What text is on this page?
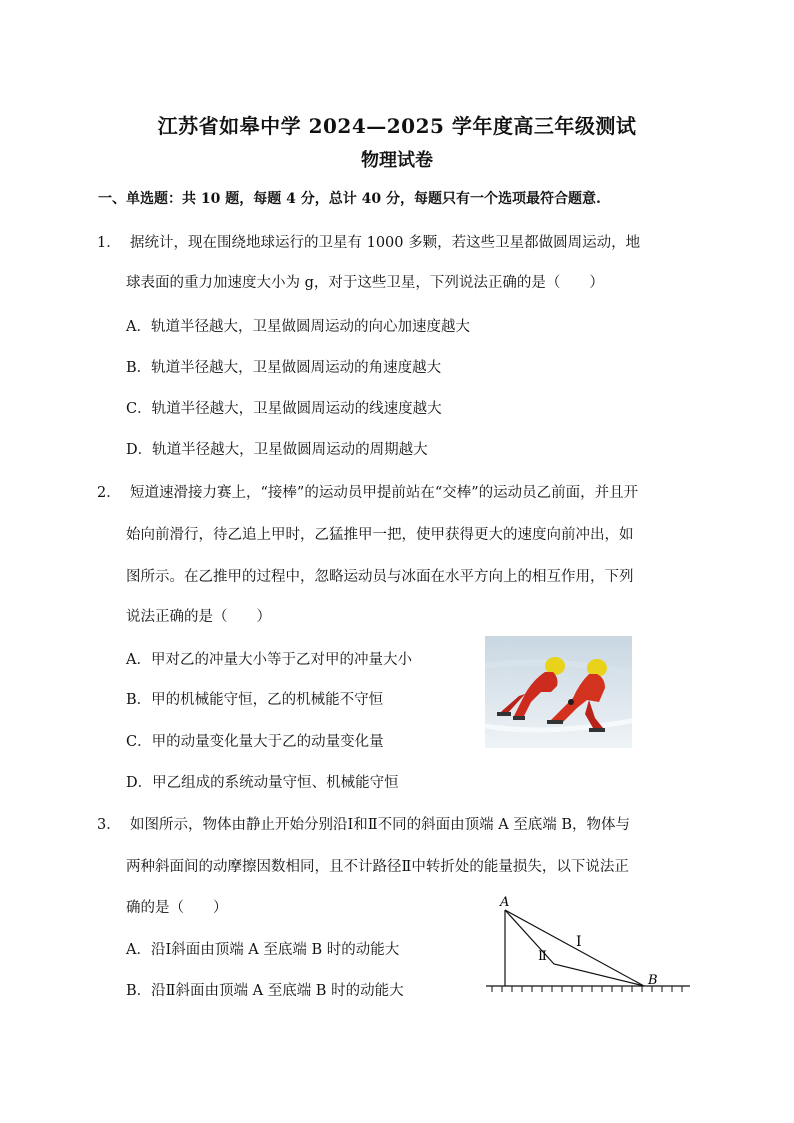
江苏省如皋中学 2024—2025 学年度高三年级测试
物理试卷
一、单选题：共 10 题，每题 4 分，总计 40 分，每题只有一个选项最符合题意.
1． 据统计，现在围绕地球运行的卫星有 1000 多颗，若这些卫星都做圆周运动，地
球表面的重力加速度大小为 g，对于这些卫星，下列说法正确的是（　　）
A．轨道半径越大，卫星做圆周运动的向心加速度越大
B．轨道半径越大，卫星做圆周运动的角速度越大
C．轨道半径越大，卫星做圆周运动的线速度越大
D．轨道半径越大，卫星做圆周运动的周期越大
2． 短道速滑接力赛上，“接棒”的运动员甲提前站在“交棒”的运动员乙前面，并且开
始向前滑行，待乙追上甲时，乙猛推甲一把，使甲获得更大的速度向前冲出，如
图所示。在乙推甲的过程中，忽略运动员与冰面在水平方向上的相互作用，下列
说法正确的是（　　）
A．甲对乙的冲量大小等于乙对甲的冲量大小
B．甲的机械能守恒，乙的机械能不守恒
C．甲的动量变化量大于乙的动量变化量
D．甲乙组成的系统动量守恒、机械能守恒
3． 如图所示，物体由静止开始分别沿Ⅰ和Ⅱ不同的斜面由顶端 A 至底端 B，物体与
两种斜面间的动摩擦因数相同，且不计路径Ⅱ中转折处的能量损失，以下说法正
确的是（　　）
A．沿Ⅰ斜面由顶端 A 至底端 B 时的动能大
B．沿Ⅱ斜面由顶端 A 至底端 B 时的动能大
A
B
Ⅰ
Ⅱ
